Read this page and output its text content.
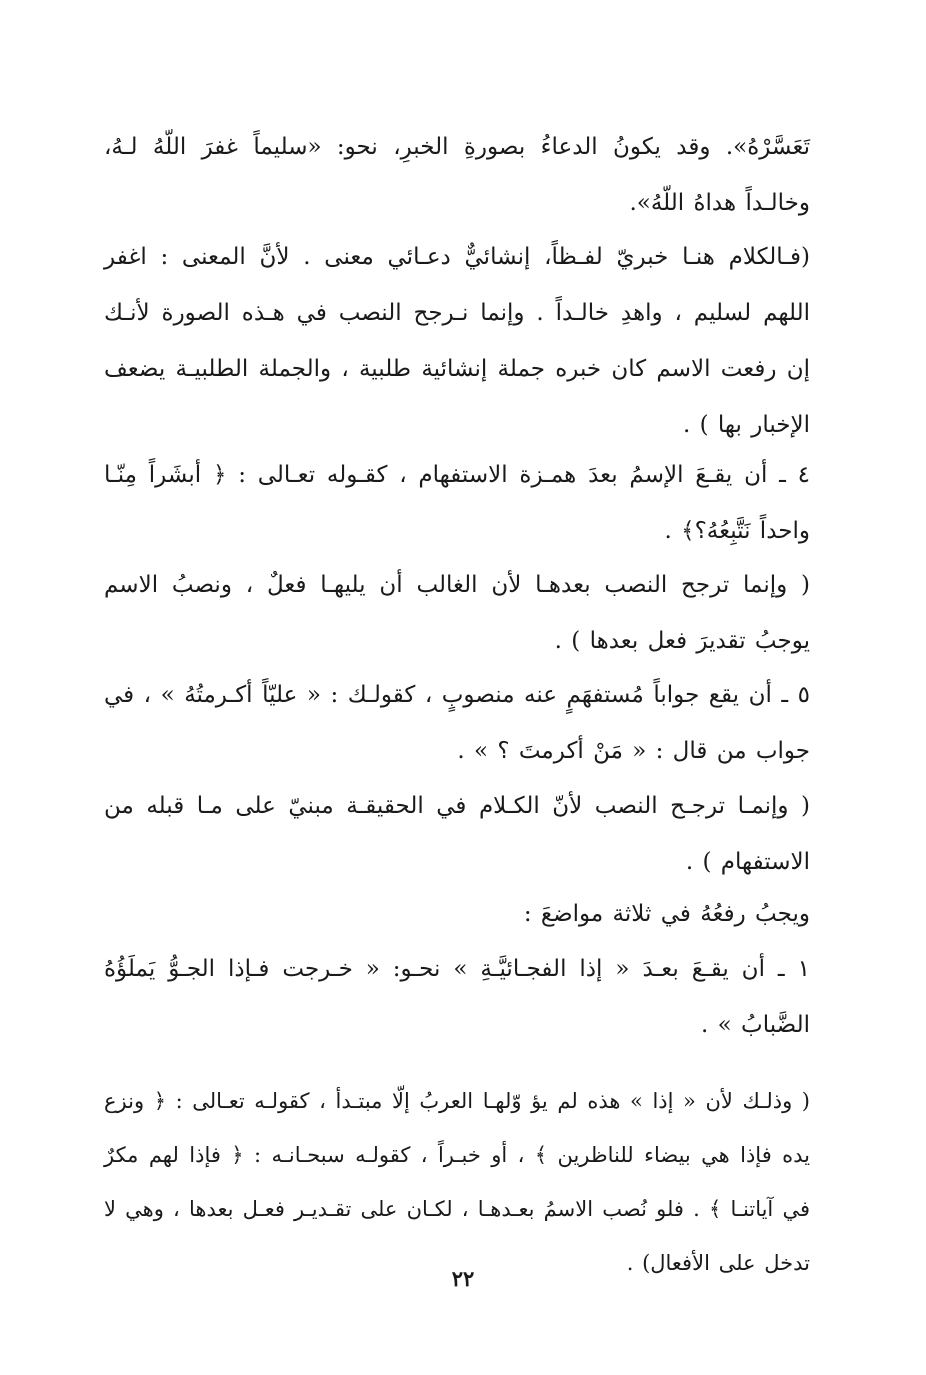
تَعَسَّرْهُ». وقد يكونُ الدعاءُ بصورةِ الخبرِ، نحو: «سليماً غفرَ اللّهُ لـهُ، وخالـداً هداهُ اللّهُ».

(فـالكلام هنـا خبريّ لفـظاً، إنشائيٌّ دعـائي معنى . لأنَّ المعنى : اغفر اللهم لسليم ، واهدِ خالـداً . وإنما نـرجح النصب في هـذه الصورة لأنـك إن رفعت الاسم كان خبره جملة إنشائية طلبية ، والجملة الطلبيـة يضعف الإخبار بها ) .

٤ ـ أن يقـعَ الإسمُ بعدَ همـزة الاستفهام ، كقـوله تعـالى : ﴿ أبشَراً مِنّـا واحداً نَتَّبِعُهُ؟﴾ .

( وإنما ترجح النصب بعدهـا لأن الغالب أن يليهـا فعلٌ ، ونصبُ الاسم يوجبُ تقديرَ فعل بعدها ) .

٥ ـ أن يقع جواباً مُستفهَمٍ عنه منصوبٍ ، كقولـك : « عليّاً أكـرمتُهُ » ، في جواب من قال : « مَنْ أكرمتَ ؟ » .

( وإنمـا ترجـح النصب لأنّ الكـلام في الحقيقـة مبنيّ على مـا قبله من الاستفهام ) .

ويجبُ رفعُهُ في ثلاثة مواضعَ :

١ ـ أن يقـعَ بعـدَ « إذا الفجـائيَّـةِ » نحـو: « خـرجت فـإذا الجـوُّ يَملَؤُهُ الضَّبابُ » .

( وذلـك لأن « إذا » هذه لم يؤ وّلهـا العربُ إلّا مبتـدأ ، كقولـه تعـالى : ﴿ ونزع يده فإذا هي بيضاء للناظرين ﴾ ، أو خبـراً ، كقولـه سبحـانـه : ﴿ فإذا لهم مكرٌ في آياتنـا ﴾ . فلو نُصب الاسمُ بعـدهـا ، لكـان على تقـديـر فعـل بعدها ، وهي لا تدخل على الأفعال) .

٢٢
